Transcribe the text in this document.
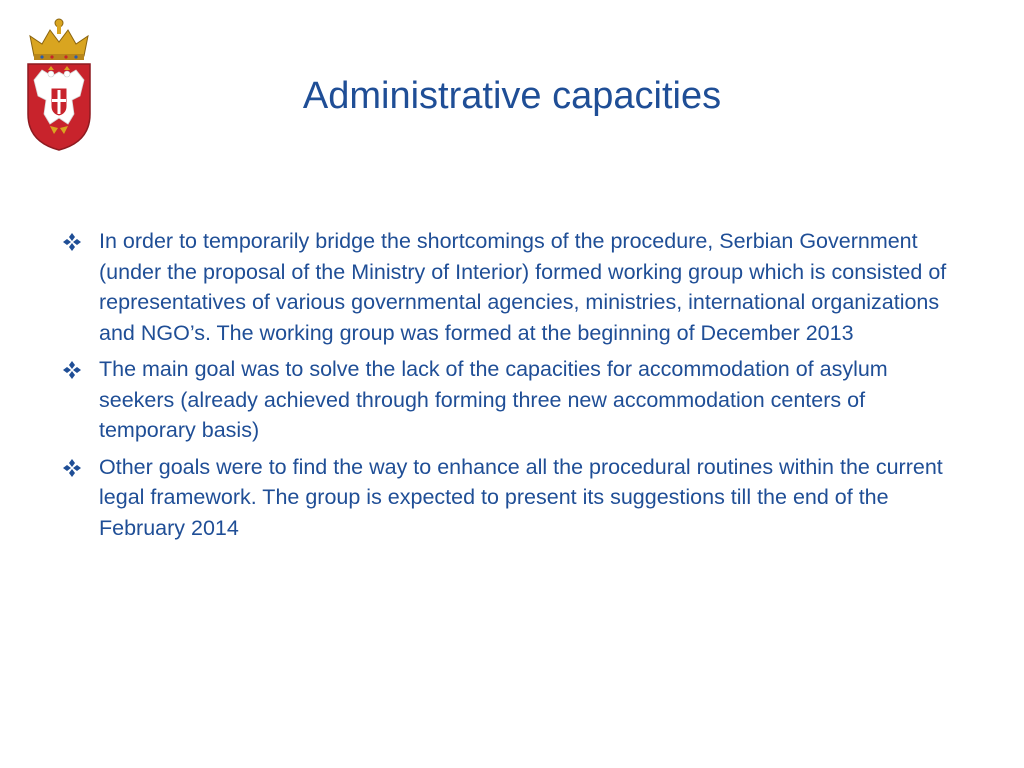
Administrative capacities
In order to temporarily bridge the shortcomings of the procedure, Serbian Government (under the proposal of the Ministry of Interior) formed working group which is consisted of representatives of various governmental agencies, ministries, international organizations and NGO’s. The working group was formed at the beginning of December 2013
The main goal was to solve the lack of the capacities for accommodation of asylum seekers (already achieved through forming three new accommodation centers of temporary basis)
Other goals were to find the way to enhance all the procedural routines within the current legal framework. The group is expected to present its suggestions till the end of the February 2014
